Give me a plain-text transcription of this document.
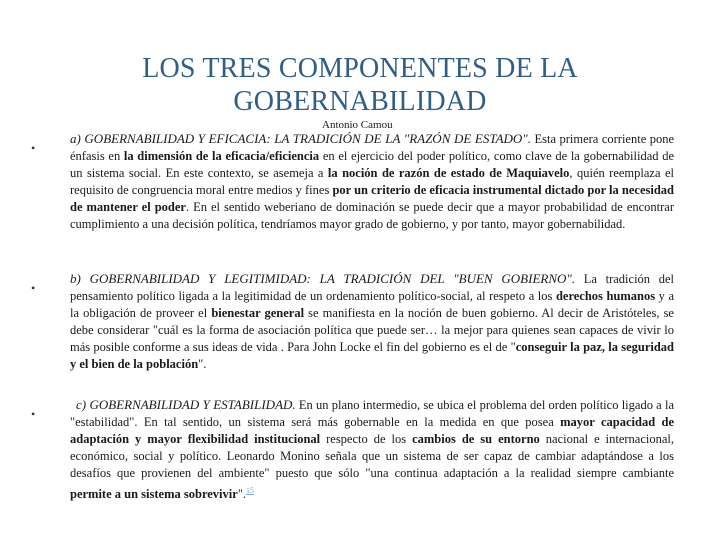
LOS TRES COMPONENTES DE LA
GOBERNABILIDAD
Antonio Camou
•
a) GOBERNABILIDAD Y EFICACIA: LA TRADICIÓN DE LA "RAZÓN DE ESTADO". Esta primera corriente pone énfasis en la dimensión de la eficacia/eficiencia en el ejercicio del poder político, como clave de la gobernabilidad de un sistema social. En este contexto, se asemeja a la noción de razón de estado de Maquiavelo, quién reemplaza el requisito de congruencia moral entre medios y fines por un criterio de eficacia instrumental dictado por la necesidad de mantener el poder. En el sentido weberiano de dominación se puede decir que a mayor probabilidad de encontrar cumplimiento a una decisión política, tendríamos mayor grado de gobierno, y por tanto, mayor gobernabilidad.
•
b) GOBERNABILIDAD Y LEGITIMIDAD: LA TRADICIÓN DEL "BUEN GOBIERNO". La tradición del pensamiento político ligada a la legitimidad de un ordenamiento político-social, al respeto a los derechos humanos y a la obligación de proveer el bienestar general se manifiesta en la noción de buen gobierno. Al decir de Aristóteles, se debe considerar "cuál es la forma de asociación política que puede ser… la mejor para quienes sean capaces de vivir lo más posible conforme a sus ideas de vida . Para John Locke el fin del gobierno es el de "conseguir la paz, la seguridad y el bien de la población".
•
c) GOBERNABILIDAD Y ESTABILIDAD. En un plano intermedio, se ubica el problema del orden político ligado a la "estabilidad". En tal sentido, un sistema será más gobernable en la medida en que posea mayor capacidad de adaptación y mayor flexibilidad institucional respecto de los cambios de su entorno nacional e internacional, económico, social y político. Leonardo Monino señala que un sistema de ser capaz de cambiar adaptándose a los desafíos que provienen del ambiente" puesto que sólo "una continua adaptación a la realidad siempre cambiante permite a un sistema sobrevivir".$^{15}$
